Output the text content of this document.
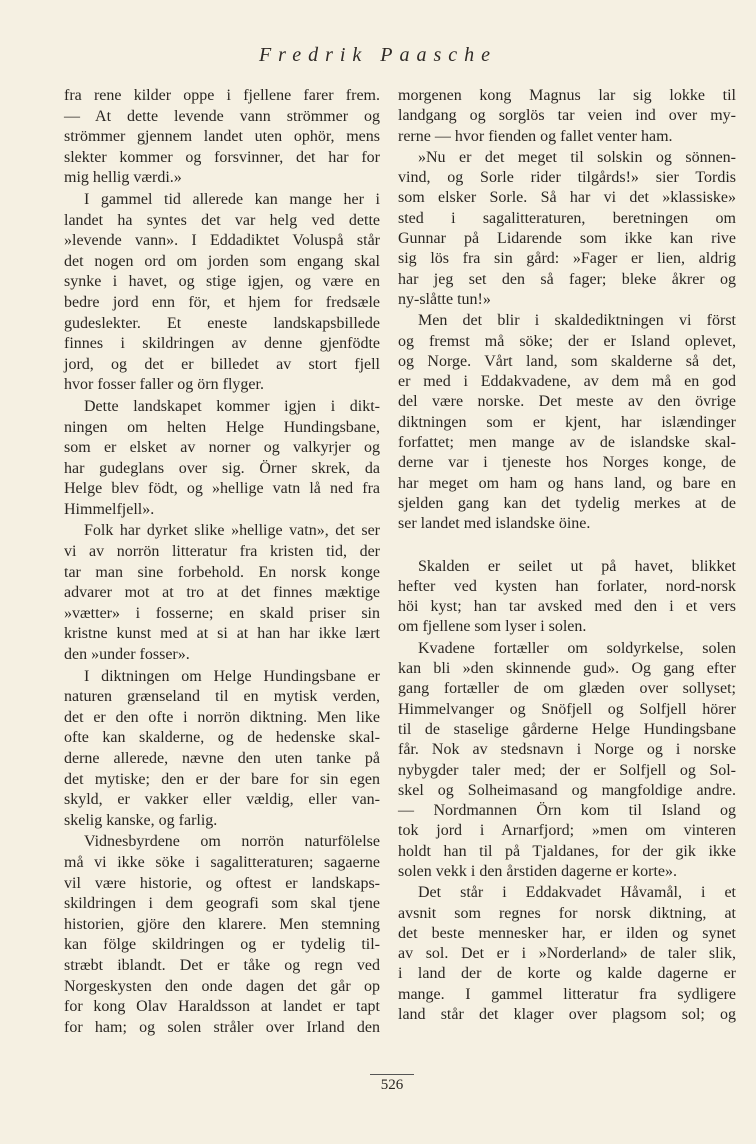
Fredrik Paasche
fra rene kilder oppe i fjellene farer frem.
— At dette levende vann strömmer og
strömmer gjennem landet uten ophör, mens
slekter kommer og forsvinner, det har for
mig hellig værdi.»
I gammel tid allerede kan mange her i
landet ha syntes det var helg ved dette
»levende vann». I Eddadiktet Voluspå står
det nogen ord om jorden som engang skal
synke i havet, og stige igjen, og være en
bedre jord enn för, et hjem for fredsæle
gudeslekter. Et eneste landskapsbillede
finnes i skildringen av denne gjenfödte
jord, og det er billedet av stort fjell
hvor fosser faller og örn flyger.
Dette landskapet kommer igjen i dikt-
ningen om helten Helge Hundingsbane,
som er elsket av norner og valkyrjer og
har gudeglans over sig. Örner skrek, da
Helge blev födt, og »hellige vatn lå ned fra
Himmelfjell».
Folk har dyrket slike »hellige vatn», det ser
vi av norrön litteratur fra kristen tid, der
tar man sine forbehold. En norsk konge
advarer mot at tro at det finnes mæktige
»vætter» i fosserne; en skald priser sin
kristne kunst med at si at han har ikke lært
den »under fosser».
I diktningen om Helge Hundingsbane er
naturen grænseland til en mytisk verden,
det er den ofte i norrön diktning. Men like
ofte kan skalderne, og de hedenske skal-
derne allerede, nævne den uten tanke på
det mytiske; den er der bare for sin egen
skyld, er vakker eller vældig, eller van-
skelig kanske, og farlig.
Vidnesbyrdene om norrön naturfölelse
må vi ikke söke i sagalitteraturen; sagaerne
vil være historie, og oftest er landskaps-
skildringen i dem geografi som skal tjene
historien, gjöre den klarere. Men stemning
kan fölge skildringen og er tydelig til-
stræbt iblandt. Det er tåke og regn ved
Norgeskysten den onde dagen det går op
for kong Olav Haraldsson at landet er tapt
for ham; og solen stråler over Irland den
morgenen kong Magnus lar sig lokke til
landgang og sorglös tar veien ind over my-
rerne — hvor fienden og fallet venter ham.
»Nu er det meget til solskin og sönnen-
vind, og Sorle rider tilgårds!» sier Tordis
som elsker Sorle. Så har vi det »klassiske»
sted i sagalitteraturen, beretningen om
Gunnar på Lidarende som ikke kan rive
sig lös fra sin gård: »Fager er lien, aldrig
har jeg set den så fager; bleke åkrer og
ny-slåtte tun!»
Men det blir i skaldediktningen vi först
og fremst må söke; der er Island oplevet,
og Norge. Vårt land, som skalderne så det,
er med i Eddakvadene, av dem må en god
del være norske. Det meste av den övrige
diktningen som er kjent, har islændinger
forfattet; men mange av de islandske skal-
derne var i tjeneste hos Norges konge, de
har meget om ham og hans land, og bare en
sjelden gang kan det tydelig merkes at de
ser landet med islandske öine.
Skalden er seilet ut på havet, blikket
hefter ved kysten han forlater, nord-norsk
höi kyst; han tar avsked med den i et vers
om fjellene som lyser i solen.
Kvadene fortæller om soldyrkelse, solen
kan bli »den skinnende gud». Og gang efter
gang fortæller de om glæden over sollyset;
Himmelvanger og Snöfjell og Solfjell hörer
til de staselige gårderne Helge Hundingsbane
får. Nok av stedsnavn i Norge og i norske
nybygder taler med; der er Solfjell og Sol-
skel og Solheimasand og mangfoldige andre.
— Nordmannen Örn kom til Island og
tok jord i Arnarfjord; »men om vinteren
holdt han til på Tjaldanes, for der gik ikke
solen vekk i den årstiden dagerne er korte».
Det står i Eddakvadet Håvamål, i et
avsnit som regnes for norsk diktning, at
det beste mennesker har, er ilden og synet
av sol. Det er i »Norderland» de taler slik,
i land der de korte og kalde dagerne er
mange. I gammel litteratur fra sydligere
land står det klager over plagsom sol; og
526
